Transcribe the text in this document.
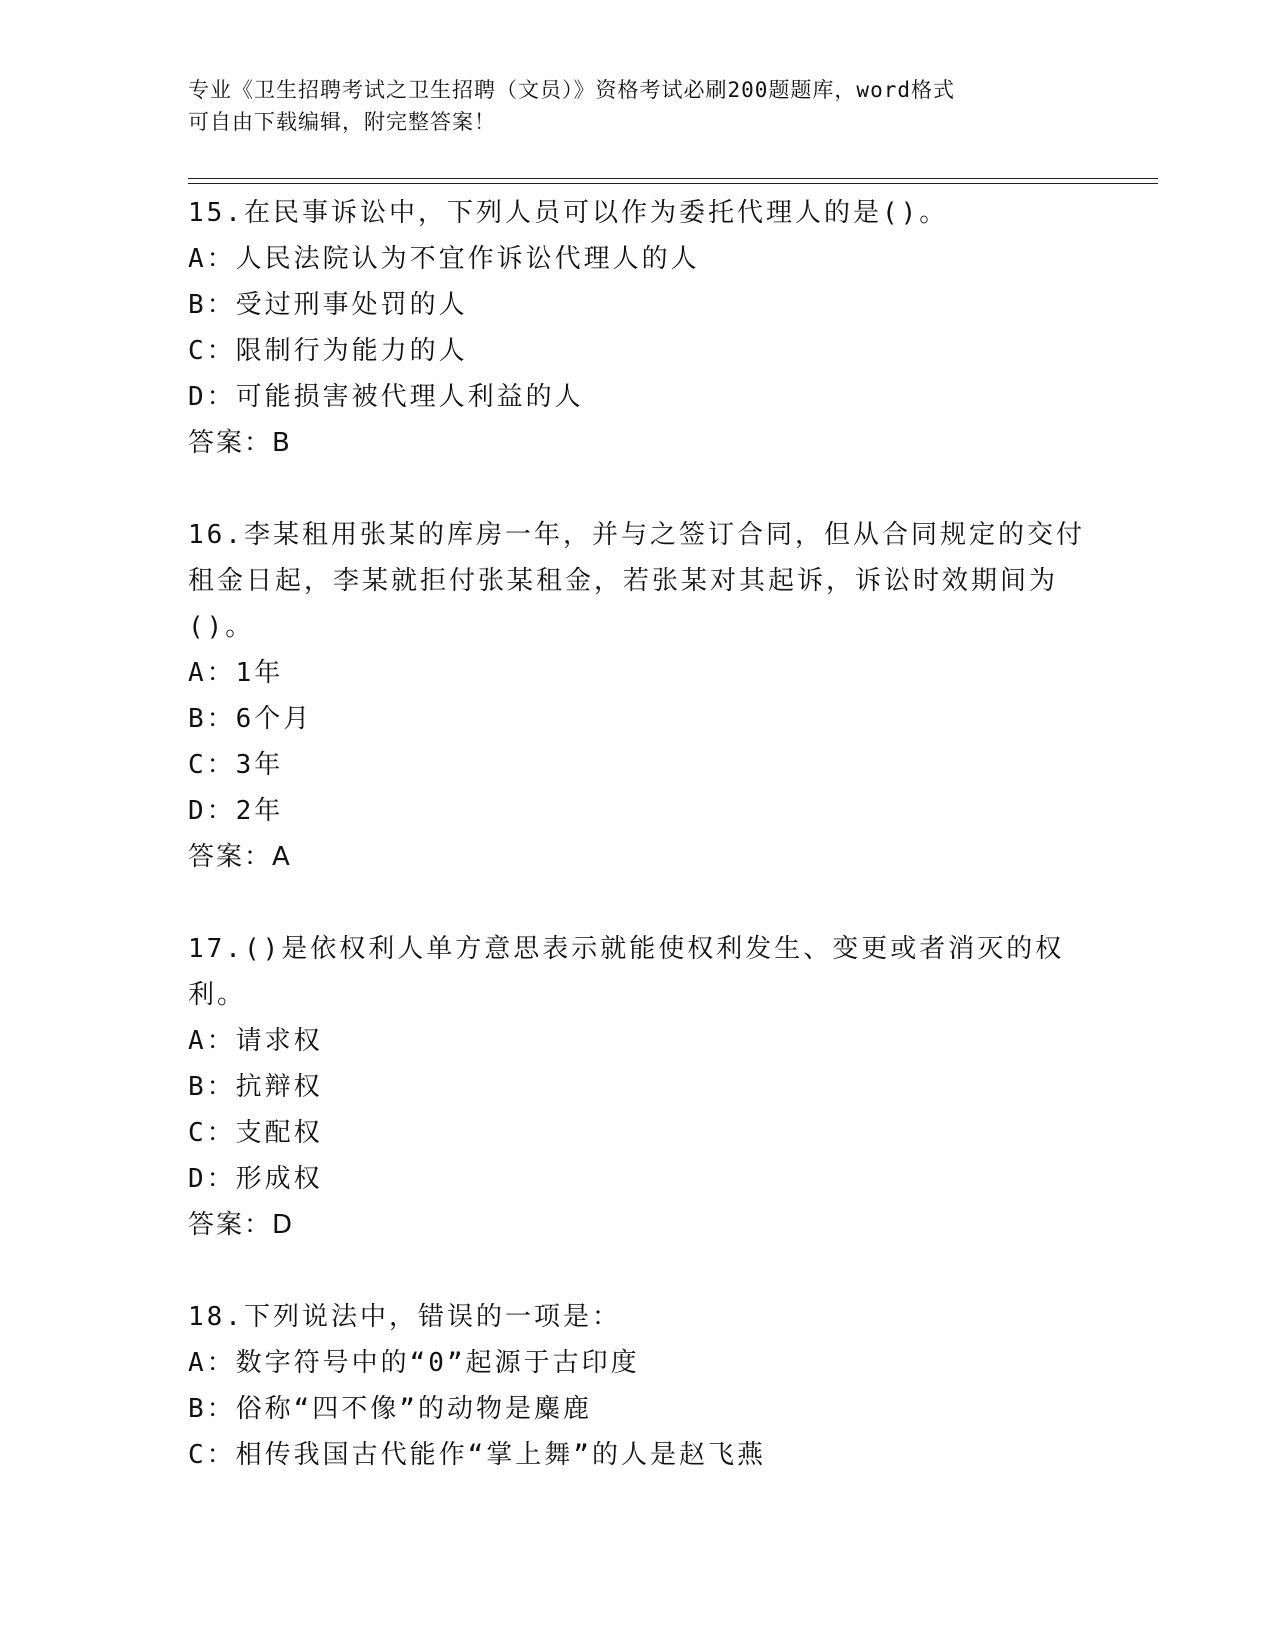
专业《卫生招聘考试之卫生招聘（文员）》资格考试必刷200题题库，word格式
可自由下载编辑，附完整答案！

15.在民事诉讼中，下列人员可以作为委托代理人的是()。

A：人民法院认为不宜作诉讼代理人的人

B：受过刑事处罚的人

C：限制行为能力的人

D：可能损害被代理人利益的人

答案：B

16.李某租用张某的库房一年，并与之签订合同，但从合同规定的交付租金日起，李某就拒付张某租金，若张某对其起诉，诉讼时效期间为()。

A：1年

B：6个月

C：3年

D：2年

答案：A

17.()是依权利人单方意思表示就能使权利发生、变更或者消灭的权利。

A：请求权

B：抗辩权

C：支配权

D：形成权

答案：D

18.下列说法中，错误的一项是：

A：数字符号中的“0”起源于古印度

B：俗称“四不像”的动物是麋鹿

C：相传我国古代能作“掌上舞”的人是赵飞燕
